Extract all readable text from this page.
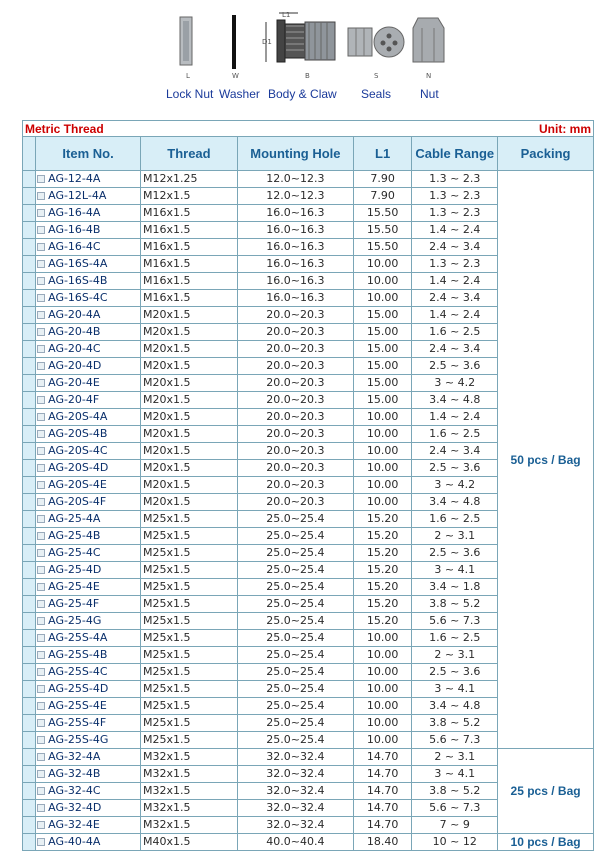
L	W	B	S	N
L1
D1
Lock Nut Washer Body & Claw Seals Nut
Metric Thread	Unit: mm
	Item No.	Thread	Mounting Hole	L1	Cable Range	Packing
	AG-12-4A	M12x1.25	12.0~12.3	7.90	1.3 ~ 2.3	50 pcs / Bag
	AG-12L-4A	M12x1.5	12.0~12.3	7.90	1.3 ~ 2.3	
	AG-16-4A	M16x1.5	16.0~16.3	15.50	1.3 ~ 2.3	
	AG-16-4B	M16x1.5	16.0~16.3	15.50	1.4 ~ 2.4	
	AG-16-4C	M16x1.5	16.0~16.3	15.50	2.4 ~ 3.4	
	AG-16S-4A	M16x1.5	16.0~16.3	10.00	1.3 ~ 2.3	
	AG-16S-4B	M16x1.5	16.0~16.3	10.00	1.4 ~ 2.4	
	AG-16S-4C	M16x1.5	16.0~16.3	10.00	2.4 ~ 3.4	
	AG-20-4A	M20x1.5	20.0~20.3	15.00	1.4 ~ 2.4	
	AG-20-4B	M20x1.5	20.0~20.3	15.00	1.6 ~ 2.5	
	AG-20-4C	M20x1.5	20.0~20.3	15.00	2.4 ~ 3.4	
	AG-20-4D	M20x1.5	20.0~20.3	15.00	2.5 ~ 3.6	
	AG-20-4E	M20x1.5	20.0~20.3	15.00	3 ~ 4.2	
	AG-20-4F	M20x1.5	20.0~20.3	15.00	3.4 ~ 4.8	
	AG-20S-4A	M20x1.5	20.0~20.3	10.00	1.4 ~ 2.4	
	AG-20S-4B	M20x1.5	20.0~20.3	10.00	1.6 ~ 2.5	
	AG-20S-4C	M20x1.5	20.0~20.3	10.00	2.4 ~ 3.4	
	AG-20S-4D	M20x1.5	20.0~20.3	10.00	2.5 ~ 3.6	
	AG-20S-4E	M20x1.5	20.0~20.3	10.00	3 ~ 4.2	
	AG-20S-4F	M20x1.5	20.0~20.3	10.00	3.4 ~ 4.8	
	AG-25-4A	M25x1.5	25.0~25.4	15.20	1.6 ~ 2.5	
	AG-25-4B	M25x1.5	25.0~25.4	15.20	2 ~ 3.1	
	AG-25-4C	M25x1.5	25.0~25.4	15.20	2.5 ~ 3.6	
	AG-25-4D	M25x1.5	25.0~25.4	15.20	3 ~ 4.1	
	AG-25-4E	M25x1.5	25.0~25.4	15.20	3.4 ~ 1.8	
	AG-25-4F	M25x1.5	25.0~25.4	15.20	3.8 ~ 5.2	
	AG-25-4G	M25x1.5	25.0~25.4	15.20	5.6 ~ 7.3	
	AG-25S-4A	M25x1.5	25.0~25.4	10.00	1.6 ~ 2.5	
	AG-25S-4B	M25x1.5	25.0~25.4	10.00	2 ~ 3.1	
	AG-25S-4C	M25x1.5	25.0~25.4	10.00	2.5 ~ 3.6	
	AG-25S-4D	M25x1.5	25.0~25.4	10.00	3 ~ 4.1	
	AG-25S-4E	M25x1.5	25.0~25.4	10.00	3.4 ~ 4.8	
	AG-25S-4F	M25x1.5	25.0~25.4	10.00	3.8 ~ 5.2	
	AG-25S-4G	M25x1.5	25.0~25.4	10.00	5.6 ~ 7.3	
	AG-32-4A	M32x1.5	32.0~32.4	14.70	2 ~ 3.1	25 pcs / Bag
	AG-32-4B	M32x1.5	32.0~32.4	14.70	3 ~ 4.1	
	AG-32-4C	M32x1.5	32.0~32.4	14.70	3.8 ~ 5.2	
	AG-32-4D	M32x1.5	32.0~32.4	14.70	5.6 ~ 7.3	
	AG-32-4E	M32x1.5	32.0~32.4	14.70	7 ~ 9	
	AG-40-4A	M40x1.5	40.0~40.4	18.40	10 ~ 12	10 pcs / Bag
